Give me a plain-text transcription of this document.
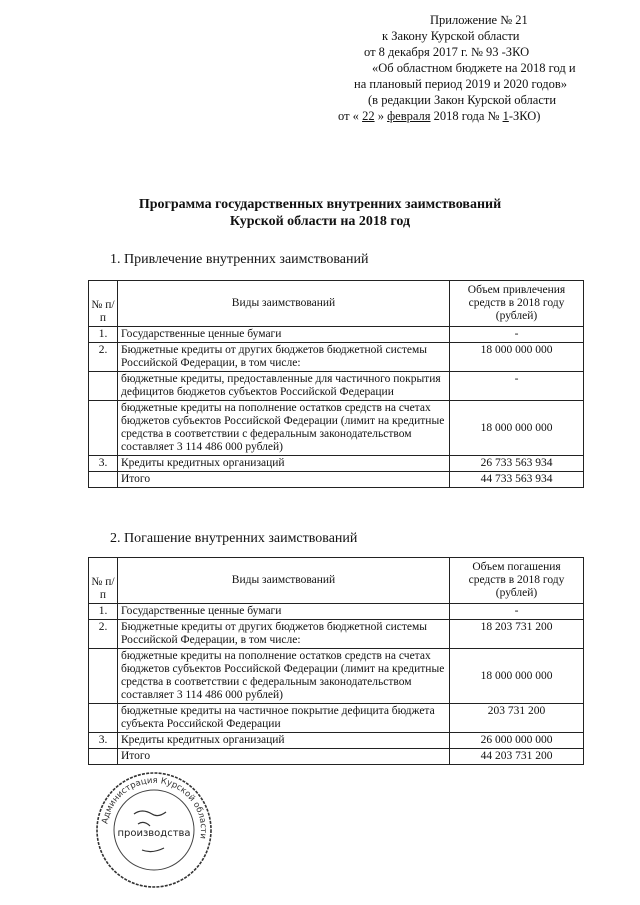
Приложение № 21
к Закону Курской области
от 8 декабря 2017 г. № 93 -ЗКО
«Об областном бюджете на 2018 год и
на плановый период 2019 и 2020 годов»
(в редакции Закон Курской области
от « 22 » февраля 2018 года № 1-ЗКО)
Программа государственных внутренних заимствований
Курской области на 2018 год
1. Привлечение внутренних заимствований
№ п/п	Виды заимствований	Объем привлечения средств в 2018 году (рублей)
1.	Государственные ценные бумаги	-
2.	Бюджетные кредиты от других бюджетов бюджетной системы Российской Федерации, в том числе:	18 000 000 000
	бюджетные кредиты, предоставленные для частичного покрытия дефицитов бюджетов субъектов Российской Федерации	-
	бюджетные кредиты на пополнение остатков средств на счетах бюджетов субъектов Российской Федерации (лимит на кредитные средства в соответствии с федеральным законодательством составляет 3 114 486 000 рублей)	18 000 000 000
3.	Кредиты кредитных организаций	26 733 563 934
	Итого	44 733 563 934
2. Погашение внутренних заимствований
№ п/п	Виды заимствований	Объем погашения средств в 2018 году (рублей)
1.	Государственные ценные бумаги	-
2.	Бюджетные кредиты от других бюджетов бюджетной системы Российской Федерации, в том числе:	18 203 731 200
	бюджетные кредиты на пополнение остатков средств на счетах бюджетов субъектов Российской Федерации (лимит на кредитные средства в соответствии с федеральным законодательством составляет 3 114 486 000 рублей)	18 000 000 000
	бюджетные кредиты на частичное покрытие дефицита бюджета субъекта Российской Федерации	203 731 200
3.	Кредиты кредитных организаций	26 000 000 000
	Итого	44 203 731 200
Администрация Курской области
производства
